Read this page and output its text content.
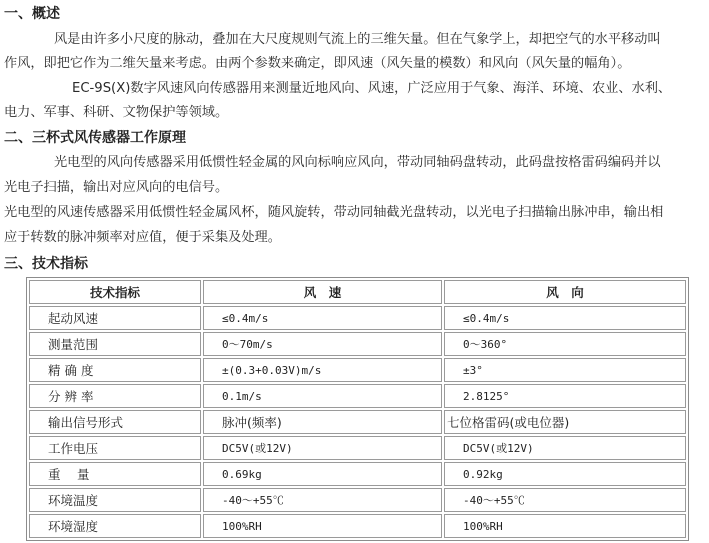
一、概述
风是由许多小尺度的脉动，叠加在大尺度规则气流上的三维矢量。但在气象学上，却把空气的水平移动叫
作风，即把它作为二维矢量来考虑。由两个参数来确定，即风速（风矢量的模数）和风向（风矢量的幅角）。
EC-9S(X)数字风速风向传感器用来测量近地风向、风速，广泛应用于气象、海洋、环境、农业、水利、
电力、军事、科研、文物保护等领域。
二、三杯式风传感器工作原理
光电型的风向传感器采用低惯性轻金属的风向标响应风向，带动同轴码盘转动，此码盘按格雷码编码并以
光电子扫描，输出对应风向的电信号。
光电型的风速传感器采用低惯性轻金属风杯，随风旋转，带动同轴截光盘转动，以光电子扫描输出脉冲串，输出相
应于转数的脉冲频率对应值，便于采集及处理。
三、技术指标
技术指标	风　速	风　向
起动风速	≤0.4m/s	≤0.4m/s
测量范围	0～70m/s	0～360°
精 确 度	±(0.3+0.03V)m/s	±3°
分 辨 率	0.1m/s	2.8125°
输出信号形式	脉冲(频率)	七位格雷码(或电位器)
工作电压	DC5V(或12V)	DC5V(或12V)
重　 量	0.69kg	0.92kg
环境温度	-40～+55℃	-40～+55℃
环境湿度	100%RH	100%RH
